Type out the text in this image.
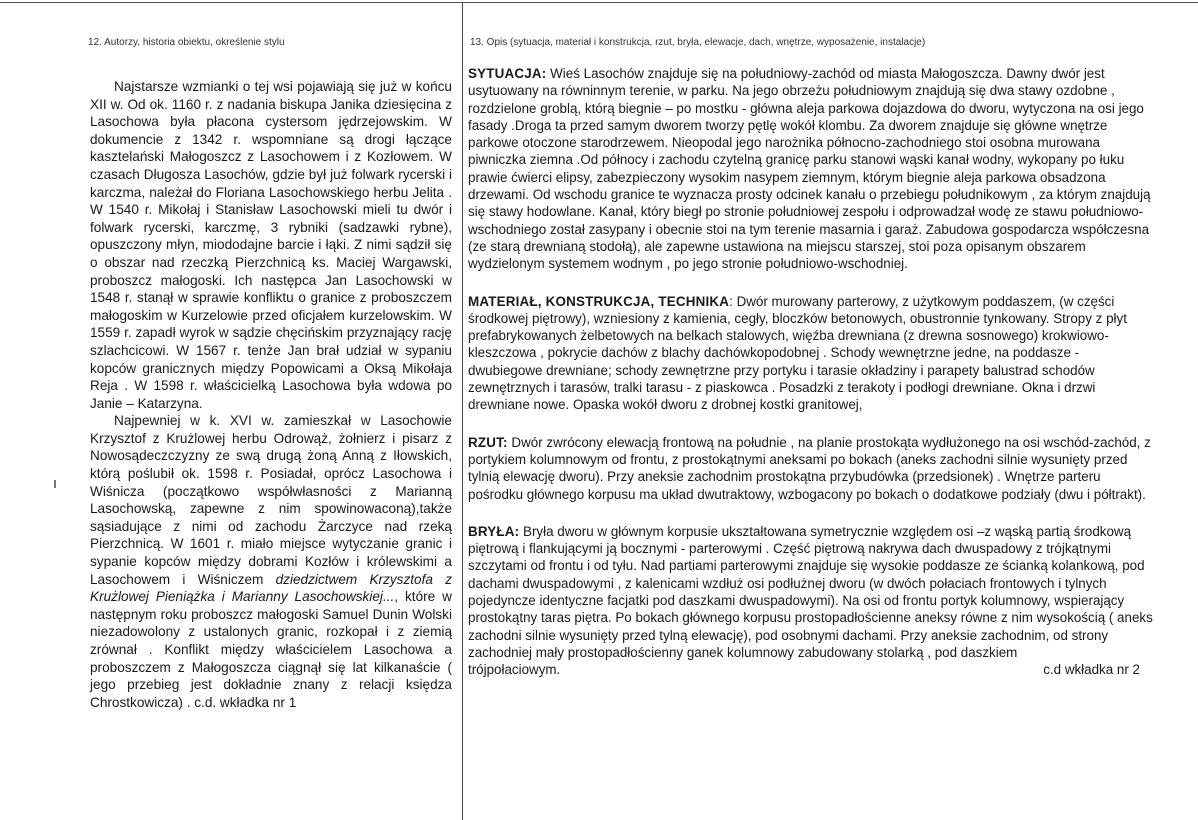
12. Autorzy, historia obiektu, określenie stylu	13. Opis (sytuacja, materiał i konstrukcja, rzut, bryła, elewacje, dach, wnętrze, wyposażenie, instalacje)

Najstarsze wzmianki o tej wsi pojawiają się już w końcu XII w. Od ok. 1160 r. z nadania biskupa Janika dziesięcina z Lasochowa była płacona cystersom jędrzejowskim. W dokumencie z 1342 r. wspomniane są drogi łączące kasztelański Małogoszcz z Lasochowem i z Kozłowem. W czasach Długosza Lasochów, gdzie był już folwark rycerski i karczma, należał do Floriana Lasochowskiego herbu Jelita . W 1540 r. Mikołaj i Stanisław Lasochowski mieli tu dwór i folwark rycerski, karczmę, 3 rybniki (sadzawki rybne), opuszczony młyn, miododajne barcie i łąki. Z nimi sądził się o obszar nad rzeczką Pierzchnicą ks. Maciej Wargawski, proboszcz małogoski. Ich następca Jan Lasochowski w 1548 r. stanął w sprawie konfliktu o granice z proboszczem małogoskim w Kurzelowie przed oficjałem kurzelowskim. W 1559 r. zapadł wyrok w sądzie chęcińskim przyznający rację szlachcicowi. W 1567 r. tenże Jan brał udział w sypaniu kopców granicznych między Popowicami a Oksą Mikołaja Reja . W 1598 r. właścicielką Lasochowa była wdowa po Janie – Katarzyna.

Najpewniej w k. XVI w. zamieszkał w Lasochowie Krzysztof z Krużlowej herbu Odrowąż, żołnierz i pisarz z Nowosądeczczyzny ze swą drugą żoną Anną z Iłowskich, którą poślubił ok. 1598 r. Posiadał, oprócz Lasochowa i Wiśnicza (początkowo współwłasności z Marianną Lasochowską, zapewne z nim spowinowaconą),także sąsiadujące z nimi od zachodu Żarczyce nad rzeką Pierzchnicą. W 1601 r. miało miejsce wytyczanie granic i sypanie kopców między dobrami Kozłów i królewskimi a Lasochowem i Wiśniczem dziedzictwem Krzysztofa z Krużlowej Pieniążka i Marianny Lasochowskiej..., które w następnym roku proboszcz małogoski Samuel Dunin Wolski niezadowolony z ustalonych granic, rozkopał i z ziemią zrównał . Konflikt między właścicielem Lasochowa a proboszczem z Małogoszcza ciągnął się lat kilkanaście ( jego przebieg jest dokładnie znany z relacji księdza Chrostkowicza) . c.d. wkładka nr 1

SYTUACJA: Wieś Lasochów znajduje się na południowy-zachód od miasta Małogoszcza. Dawny dwór jest usytuowany na równinnym terenie, w parku. Na jego obrzeżu południowym znajdują się dwa stawy ozdobne , rozdzielone groblą, którą biegnie – po mostku - główna aleja parkowa dojazdowa do dworu, wytyczona na osi jego fasady .Droga ta przed samym dworem tworzy pętlę wokół klombu. Za dworem znajduje się główne wnętrze parkowe otoczone starodrzewem. Nieopodal jego narożnika północno-zachodniego stoi osobna murowana piwniczka ziemna .Od północy i zachodu czytelną granicę parku stanowi wąski kanał wodny, wykopany po łuku prawie ćwierci elipsy, zabezpieczony wysokim nasypem ziemnym, którym biegnie aleja parkowa obsadzona drzewami. Od wschodu granice te wyznacza prosty odcinek kanału o przebiegu południkowym , za którym znajdują się stawy hodowlane. Kanał, który biegł po stronie południowej zespołu i odprowadzał wodę ze stawu południowo-wschodniego został zasypany i obecnie stoi na tym terenie masarnia i garaż. Zabudowa gospodarcza współczesna (ze starą drewnianą stodołą), ale zapewne ustawiona na miejscu starszej, stoi poza opisanym obszarem wydzielonym systemem wodnym , po jego stronie południowo-wschodniej.

MATERIAŁ, KONSTRUKCJA, TECHNIKA: Dwór murowany parterowy, z użytkowym poddaszem, (w części środkowej piętrowy), wzniesiony z kamienia, cegły, bloczków betonowych, obustronnie tynkowany. Stropy z płyt prefabrykowanych żelbetowych na belkach stalowych, więźba drewniana (z drewna sosnowego) krokwiowo-kleszczowa , pokrycie dachów z blachy dachówkopodobnej . Schody wewnętrzne jedne, na poddasze - dwubiegowe drewniane; schody zewnętrzne przy portyku i tarasie okładziny i parapety balustrad schodów zewnętrznych i tarasów, tralki tarasu - z piaskowca . Posadzki z terakoty i podłogi drewniane. Okna i drzwi drewniane nowe. Opaska wokół dworu z drobnej kostki granitowej,

RZUT: Dwór zwrócony elewacją frontową na południe , na planie prostokąta wydłużonego na osi wschód-zachód, z portykiem kolumnowym od frontu, z prostokątnymi aneksami po bokach (aneks zachodni silnie wysunięty przed tylnią elewację dworu). Przy aneksie zachodnim prostokątna przybudówka (przedsionek) . Wnętrze parteru pośrodku głównego korpusu ma układ dwutraktowy, wzbogacony po bokach o dodatkowe podziały (dwu i półtrakt).

BRYŁA: Bryła dworu w głównym korpusie ukształtowana symetrycznie względem osi –z wąską partią środkową piętrową i flankującymi ją bocznymi - parterowymi . Część piętrową nakrywa dach dwuspadowy z trójkątnymi szczytami od frontu i od tyłu. Nad partiami parterowymi znajduje się wysokie poddasze ze ścianką kolankową, pod dachami dwuspadowymi , z kalenicami wzdłuż osi podłużnej dworu (w dwóch połaciach frontowych i tylnych pojedyncze identyczne facjatki pod daszkami dwuspadowymi). Na osi od frontu portyk kolumnowy, wspierający prostokątny taras piętra. Po bokach głównego korpusu prostopadłościenne aneksy równe z nim wysokością ( aneks zachodni silnie wysunięty przed tylną elewację), pod osobnymi dachami. Przy aneksie zachodnim, od strony zachodniej mały prostopadłościenny ganek kolumnowy zabudowany stolarką , pod daszkiem

trójpołaciowym.	c.d wkładka nr 2
